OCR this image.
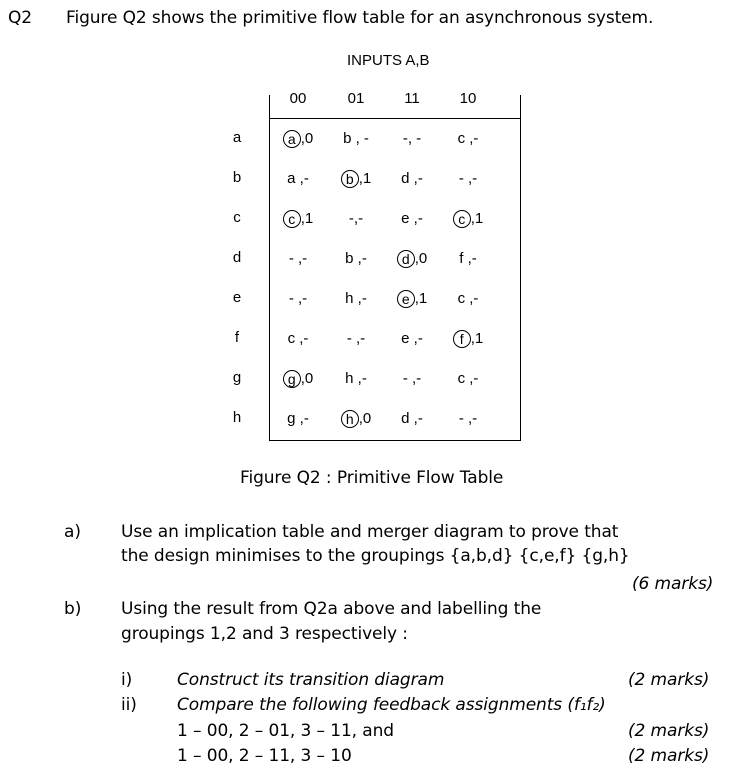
Q2 Figure Q2 shows the primitive flow table for an asynchronous system.
INPUTS A,B
00	01	11	10
a	a ,0	b , -	-, -	c ,-
b	a ,-	b ,1	d ,-	- ,-
c	c ,1	-,-	e ,-	c ,1
d	- ,-	b ,-	d ,0	f ,-
e	- ,-	h ,-	e ,1	c ,-
f	c ,-	- ,-	e ,-	f ,1
g	g ,0	h ,-	- ,-	c ,-
h	g ,-	h ,0	d ,-	- ,-
Figure Q2 : Primitive Flow Table
a) Use an implication table and merger diagram to prove that
the design minimises to the groupings {a,b,d} {c,e,f} {g,h}
(6 marks)
b) Using the result from Q2a above and labelling the
groupings 1,2 and 3 respectively :
i)	Construct its transition diagram	(2 marks)
ii) Compare the following feedback assignments (f₁f₂)
1 – 00, 2 – 01, 3 – 11, and	(2 marks)
1 – 00, 2 – 11, 3 – 10	(2 marks)
